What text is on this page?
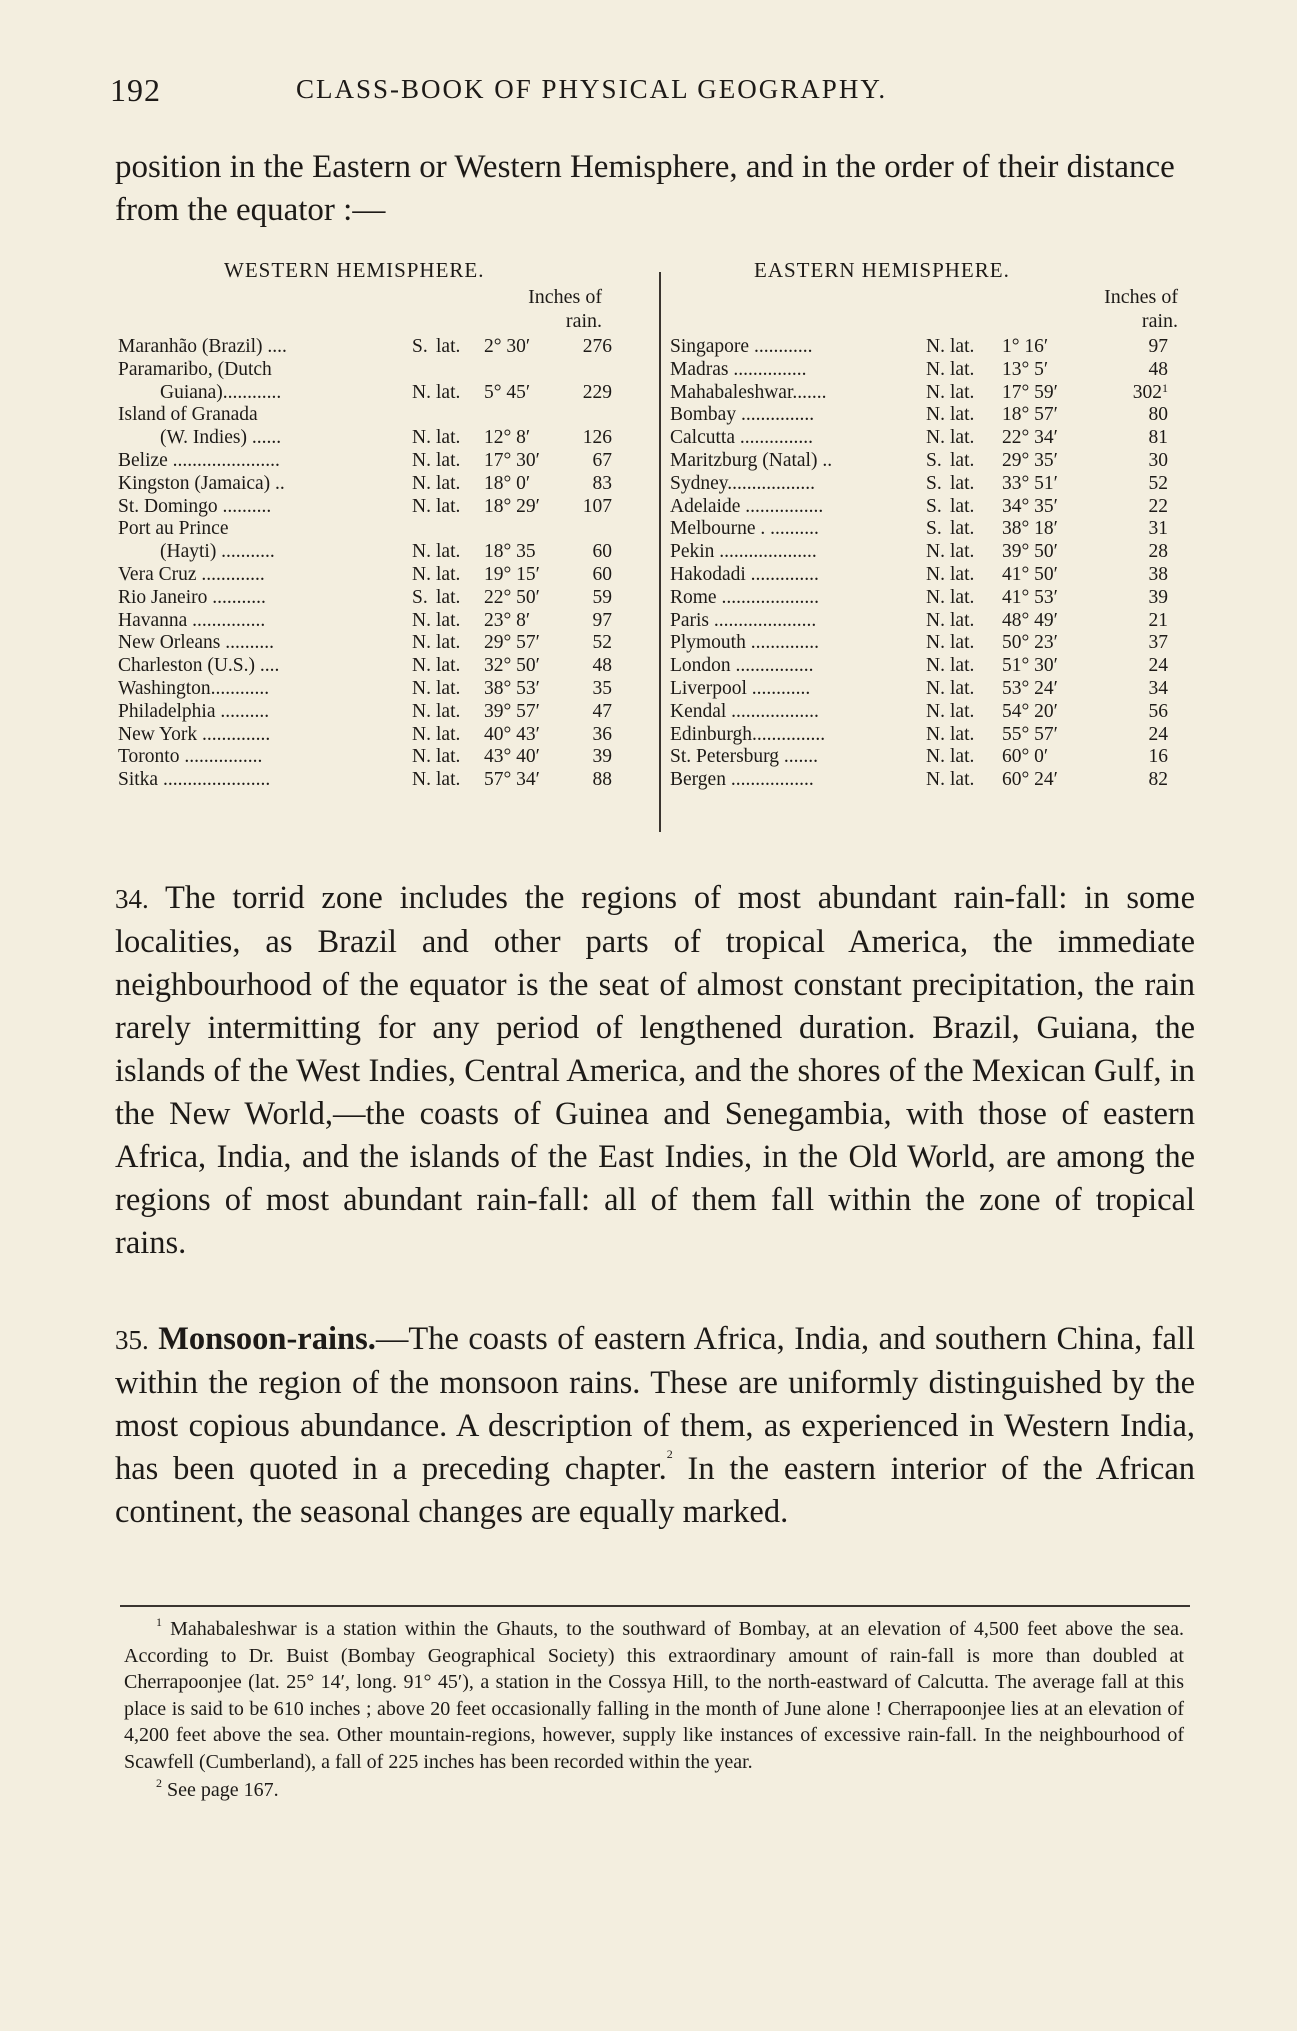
192	CLASS-BOOK OF PHYSICAL GEOGRAPHY.

position in the Eastern or Western Hemisphere, and in the order of their distance from the equator :—

WESTERN HEMISPHERE.
Inches of
rain.
Maranhão (Brazil) ....	S. lat. 2° 30′	276
Paramaribo, (Dutch
Guiana)............	N. lat. 5° 45′	229
Island of Granada
(W. Indies) ......	N. lat. 12° 8′	126
Belize ......................	N. lat. 17° 30′	67
Kingston (Jamaica) ..	N. lat. 18° 0′	83
St. Domingo ..........	N. lat. 18° 29′	107
Port au Prince
(Hayti) ...........	N. lat. 18° 35	60
Vera Cruz .............	N. lat. 19° 15′	60
Rio Janeiro ...........	S. lat. 22° 50′	59
Havanna ...............	N. lat. 23° 8′	97
New Orleans ..........	N. lat. 29° 57′	52
Charleston (U.S.) ....	N. lat. 32° 50′	48
Washington............	N. lat. 38° 53′	35
Philadelphia ..........	N. lat. 39° 57′	47
New York ..............	N. lat. 40° 43′	36
Toronto ................	N. lat. 43° 40′	39
Sitka ......................	N. lat. 57° 34′	88
EASTERN HEMISPHERE.
Inches of
rain.
Singapore ............	N. lat. 1° 16′	97
Madras ...............	N. lat. 13° 5′	48
Mahabaleshwar.......	N. lat. 17° 59′	$302^1$
Bombay ...............	N. lat. 18° 57′	80
Calcutta ...............	N. lat. 22° 34′	81
Maritzburg (Natal) ..	S. lat. 29° 35′	30
Sydney..................	S. lat. 33° 51′	52
Adelaide ................	S. lat. 34° 35′	22
Melbourne . ..........	S. lat. 38° 18′	31
Pekin ....................	N. lat. 39° 50′	28
Hakodadi ..............	N. lat. 41° 50′	38
Rome ....................	N. lat. 41° 53′	39
Paris .....................	N. lat. 48° 49′	21
Plymouth ..............	N. lat. 50° 23′	37
London ................	N. lat. 51° 30′	24
Liverpool ............	N. lat. 53° 24′	34
Kendal ..................	N. lat. 54° 20′	56
Edinburgh...............	N. lat. 55° 57′	24
St. Petersburg .......	N. lat. 60° 0′	16
Bergen .................	N. lat. 60° 24′	82

34. The torrid zone includes the regions of most abundant rain-fall: in some localities, as Brazil and other parts of tropical America, the immediate neighbourhood of the equator is the seat of almost constant precipitation, the rain rarely intermitting for any period of lengthened duration. Brazil, Guiana, the islands of the West Indies, Central America, and the shores of the Mexican Gulf, in the New World,—the coasts of Guinea and Senegambia, with those of eastern Africa, India, and the islands of the East Indies, in the Old World, are among the regions of most abundant rain-fall: all of them fall within the zone of tropical rains.

35. Monsoon-rains.—The coasts of eastern Africa, India, and southern China, fall within the region of the monsoon rains. These are uniformly distinguished by the most copious abundance. A description of them, as experienced in Western India, has been quoted in a preceding chapter.$^2$ In the eastern interior of the African continent, the seasonal changes are equally marked.

$^1$ Mahabaleshwar is a station within the Ghauts, to the southward of Bombay, at an elevation of 4,500 feet above the sea. According to Dr. Buist (Bombay Geographical Society) this extraordinary amount of rain-fall is more than doubled at Cherrapoonjee (lat. 25° 14′, long. 91° 45′), a station in the Cossya Hill, to the north-eastward of Calcutta. The average fall at this place is said to be 610 inches ; above 20 feet occasionally falling in the month of June alone ! Cherrapoonjee lies at an elevation of 4,200 feet above the sea. Other mountain-regions, however, supply like instances of excessive rain-fall. In the neighbourhood of Scawfell (Cumberland), a fall of 225 inches has been recorded within the year.

$^2$ See page 167.
